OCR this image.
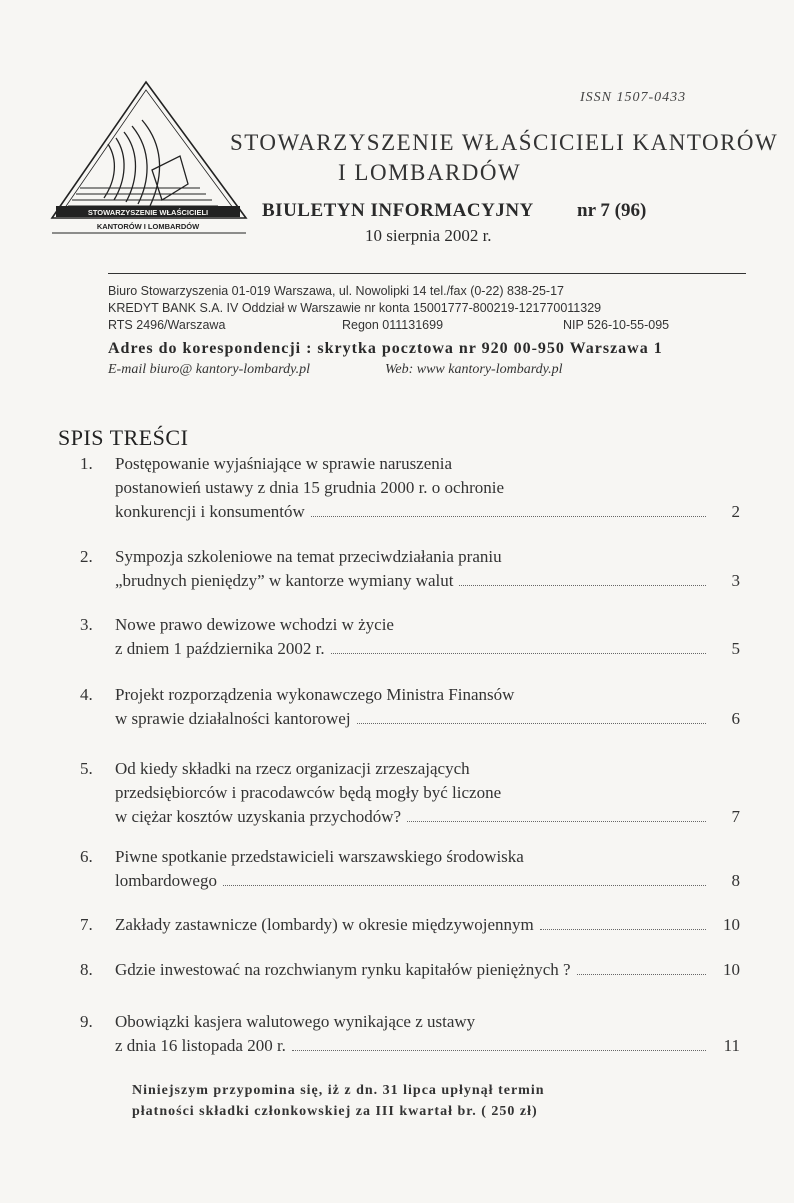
STOWARZYSZENIE WŁAŚCICIELI
KANTORÓW I LOMBARDÓW
ISSN 1507-0433
STOWARZYSZENIE WŁAŚCICIELI KANTORÓW
I LOMBARDÓW
BIULETYN INFORMACYJNY nr 7 (96)
10 sierpnia 2002 r.
Biuro Stowarzyszenia 01-019 Warszawa, ul. Nowolipki 14 tel./fax (0-22) 838-25-17
KREDYT BANK S.A. IV Oddział w Warszawie nr konta 15001777-800219-121770011329
RTS 2496/Warszawa	Regon 011131699	NIP 526-10-55-095
Adres do korespondencji : skrytka pocztowa nr 920 00-950 Warszawa 1
E-mail biuro@ kantory-lombardy.pl	Web: www kantory-lombardy.pl
SPIS TREŚCI
1.	Postępowanie wyjaśniające w sprawie naruszenia
postanowień ustawy z dnia 15 grudnia 2000 r. o ochronie
konkurencji i konsumentów	2
2.	Sympozja szkoleniowe na temat przeciwdziałania praniu
„brudnych pieniędzy” w kantorze wymiany walut	3
3.	Nowe prawo dewizowe wchodzi w życie
z dniem 1 października 2002 r.	5
4.	Projekt rozporządzenia wykonawczego Ministra Finansów
w sprawie działalności kantorowej	6
5.	Od kiedy składki na rzecz organizacji zrzeszających
przedsiębiorców i pracodawców będą mogły być liczone
w ciężar kosztów uzyskania przychodów?	7
6.	Piwne spotkanie przedstawicieli warszawskiego środowiska
lombardowego	8
7.	Zakłady zastawnicze (lombardy) w okresie międzywojennym	10
8.	Gdzie inwestować na rozchwianym rynku kapitałów pieniężnych ?	10
9.	Obowiązki kasjera walutowego wynikające z ustawy
z dnia 16 listopada 200 r.	11
Niniejszym przypomina się, iż z dn. 31 lipca upłynął termin
płatności składki członkowskiej za III kwartał br. ( 250 zł)
